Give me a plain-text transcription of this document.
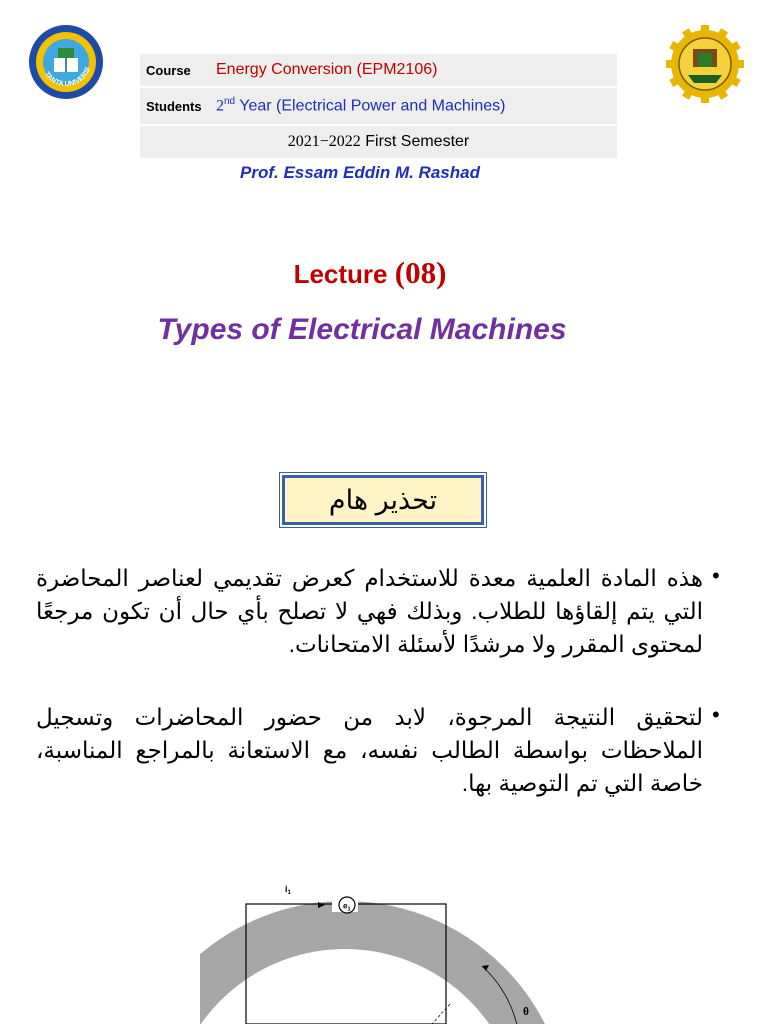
TANTA UNIVERSI	Course	Energy Conversion (EPM2106)
Students	2nd Year (Electrical Power and Machines)
2021−2022 First Semester	
Prof. Essam Eddin M. Rashad
Lecture (08)
Types of Electrical Machines
تحذير هام
•
هذه المادة العلمية معدة للاستخدام كعرض تقديمي لعناصر المحاضرة التي يتم إلقاؤها للطلاب. وبذلك فهي لا تصلح بأي حال أن تكون مرجعًا لمحتوى المقرر ولا مرشدًا لأسئلة الامتحانات.
•
لتحقيق النتيجة المرجوة، لابد من حضور المحاضرات وتسجيل الملاحظات بواسطة الطالب نفسه، مع الاستعانة بالمراجع المناسبة، خاصة التي تم التوصية بها.
$e_1$
$i_1$
θ
